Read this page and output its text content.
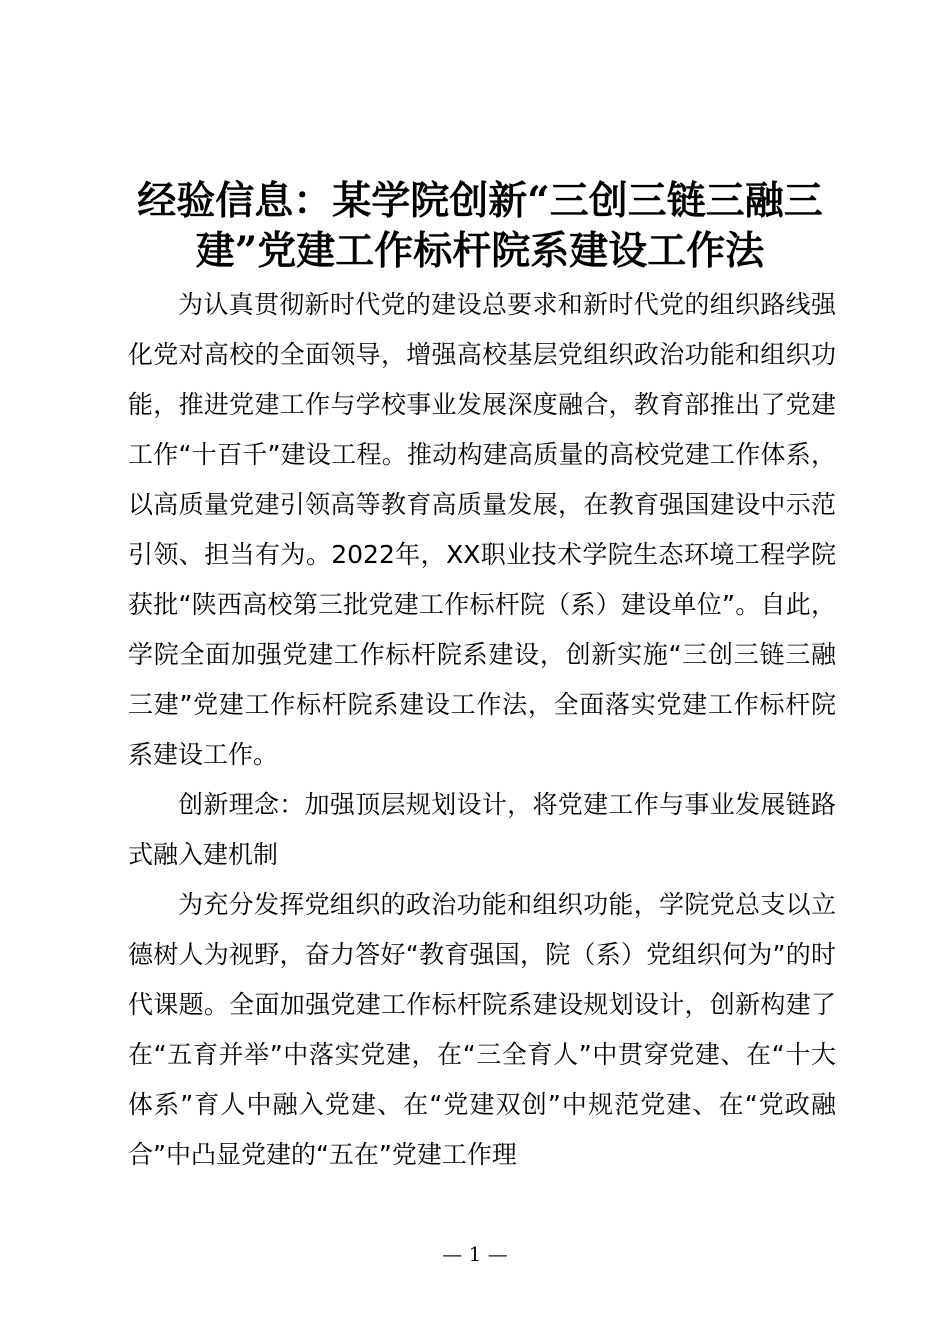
经验信息：某学院创新“三创三链三融三建”党建工作标杆院系建设工作法

为认真贯彻新时代党的建设总要求和新时代党的组织路线强化党对高校的全面领导，增强高校基层党组织政治功能和组织功能，推进党建工作与学校事业发展深度融合，教育部推出了党建工作“十百千”建设工程。推动构建高质量的高校党建工作体系，以高质量党建引领高等教育高质量发展，在教育强国建设中示范引领、担当有为。2022年，XX职业技术学院生态环境工程学院获批“陕西高校第三批党建工作标杆院（系）建设单位”。自此，学院全面加强党建工作标杆院系建设，创新实施“三创三链三融三建”党建工作标杆院系建设工作法，全面落实党建工作标杆院系建设工作。

创新理念：加强顶层规划设计，将党建工作与事业发展链路式融入建机制

为充分发挥党组织的政治功能和组织功能，学院党总支以立德树人为视野，奋力答好“教育强国，院（系）党组织何为”的时代课题。全面加强党建工作标杆院系建设规划设计，创新构建了在“五育并举”中落实党建，在“三全育人”中贯穿党建、在“十大体系”育人中融入党建、在“党建双创”中规范党建、在“党政融合”中凸显党建的“五在”党建工作理

— 1 —
